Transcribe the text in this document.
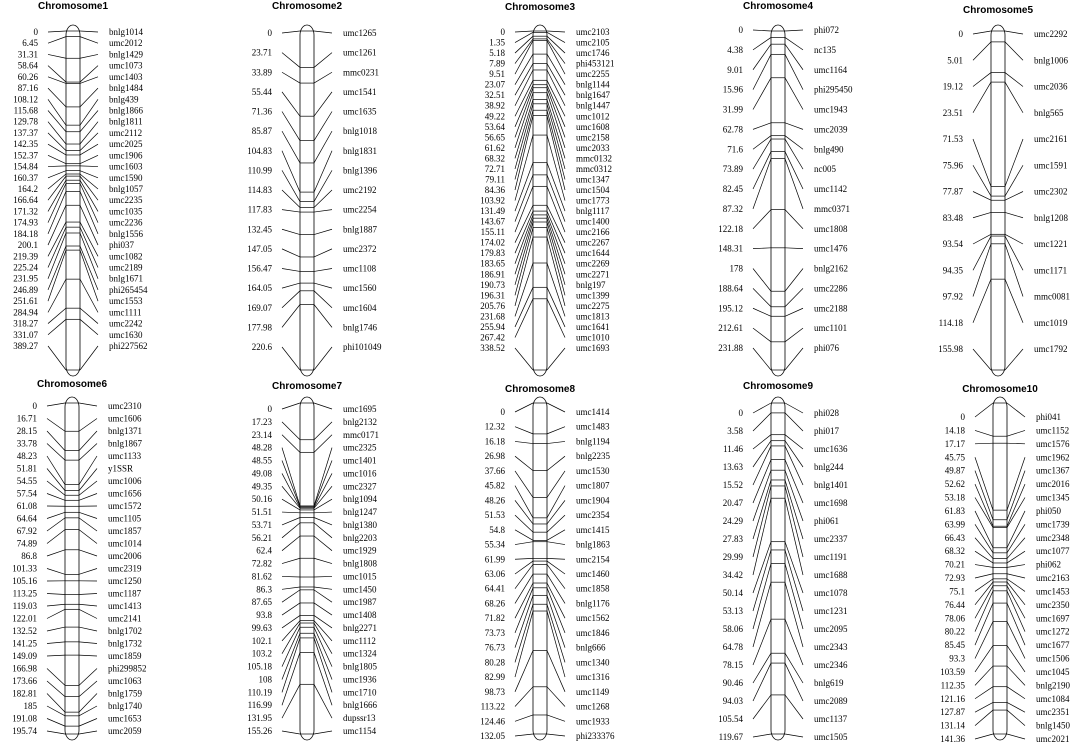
Chromosome1
0	bnlg1014
6.45	umc2012
31.31	bnlg1429
58.64	umc1073
60.26	umc1403
87.16	bnlg1484
108.12	bnlg439
115.68	bnlg1866
129.78	bnlg1811
137.37	umc2112
142.35	umc2025
152.37	umc1906
154.84	umc1603
160.37	umc1590
164.2	bnlg1057
166.64	umc2235
171.32	umc1035
174.93	umc2236
184.18	bnlg1556
200.1	phi037
219.39	umc1082
225.24	umc2189
231.95	bnlg1671
246.89	phi265454
251.61	umc1553
284.94	umc1111
318.27	umc2242
331.07	umc1630
389.27	phi227562
Chromosome2
0	umc1265
23.71	umc1261
33.89	mmc0231
55.44	umc1541
71.36	umc1635
85.87	bnlg1018
104.83	bnlg1831
110.99	bnlg1396
114.83	umc2192
117.83	umc2254
132.45	bnlg1887
147.05	umc2372
156.47	umc1108
164.05	umc1560
169.07	umc1604
177.98	bnlg1746
220.6	phi101049
Chromosome3
0	umc2103
1.35	umc2105
5.18	umc1746
7.89	phi453121
9.51	umc2255
23.07	bnlg1144
32.51	bnlg1647
38.92	bnlg1447
49.22	umc1012
53.64	umc1608
56.65	umc2158
61.62	umc2033
68.32	mmc0132
72.71	mmc0312
79.11	umc1347
84.36	umc1504
103.92	umc1773
131.49	bnlg1117
143.67	umc1400
155.11	umc2166
174.02	umc2267
179.83	umc1644
183.65	umc2269
186.91	umc2271
190.73	bnlg197
196.31	umc1399
205.76	umc2275
231.68	umc1813
255.94	umc1641
267.42	umc1010
338.52	umc1693
Chromosome4
0	phi072
4.38	nc135
9.01	umc1164
15.96	phi295450
31.99	umc1943
62.78	umc2039
71.6	bnlg490
73.89	nc005
82.45	umc1142
87.32	mmc0371
122.18	umc1808
148.31	umc1476
178	bnlg2162
188.64	umc2286
195.12	umc2188
212.61	umc1101
231.88	phi076
Chromosome5
0	umc2292
5.01	bnlg1006
19.12	umc2036
23.51	bnlg565
71.53	umc2161
75.96	umc1591
77.87	umc2302
83.48	bnlg1208
93.54	umc1221
94.35	umc1171
97.92	mmc0081
114.18	umc1019
155.98	umc1792
Chromosome6
0	umc2310
16.71	umc1606
28.15	bnlg1371
33.78	bnlg1867
48.23	umc1133
51.81	y1SSR
54.55	umc1006
57.54	umc1656
61.08	umc1572
64.64	umc1105
67.92	umc1857
74.89	umc1014
86.8	umc2006
101.33	umc2319
105.16	umc1250
113.25	umc1187
119.03	umc1413
122.01	umc2141
132.52	bnlg1702
141.25	bnlg1732
149.09	umc1859
166.98	phi299852
173.66	umc1063
182.81	bnlg1759
185	bnlg1740
191.08	umc1653
195.74	umc2059
Chromosome7
0	umc1695
17.23	bnlg2132
23.14	mmc0171
48.28	umc2325
48.55	umc1401
49.08	umc1016
49.35	umc2327
50.16	bnlg1094
51.51	bnlg1247
53.71	bnlg1380
56.21	bnlg2203
62.4	umc1929
72.82	bnlg1808
81.62	umc1015
86.3	umc1450
87.65	umc1987
93.8	umc1408
99.63	bnlg2271
102.1	umc1112
103.2	umc1324
105.18	bnlg1805
108	umc1936
110.19	umc1710
116.99	bnlg1666
131.95	dupssr13
155.26	umc1154
Chromosome8
0	umc1414
12.32	umc1483
16.18	bnlg1194
26.98	bnlg2235
37.66	umc1530
45.82	umc1807
48.26	umc1904
51.53	umc2354
54.8	umc1415
55.34	bnlg1863
61.99	umc2154
63.06	umc1460
64.41	umc1858
68.26	bnlg1176
71.82	umc1562
73.73	umc1846
76.73	bnlg666
80.28	umc1340
82.99	umc1316
98.73	umc1149
113.22	umc1268
124.46	umc1933
132.05	phi233376
Chromosome9
0	phi028
3.58	phi017
11.46	umc1636
13.63	bnlg244
15.52	bnlg1401
20.47	umc1698
24.29	phi061
27.83	umc2337
29.99	umc1191
34.42	umc1688
50.14	umc1078
53.13	umc1231
58.06	umc2095
64.78	umc2343
78.15	umc2346
90.46	bnlg619
94.03	umc2089
105.54	umc1137
119.67	umc1505
Chromosome10
0	phi041
14.18	umc1152
17.17	umc1576
45.75	umc1962
49.87	umc1367
52.62	umc2016
53.18	umc1345
61.83	phi050
63.99	umc1739
66.43	umc2348
68.32	umc1077
70.21	phi062
72.93	umc2163
75.1	umc1453
76.44	umc2350
78.06	umc1697
80.22	umc1272
85.45	umc1677
93.3	umc1506
103.59	umc1045
112.35	bnlg2190
121.16	umc1084
127.87	umc2351
131.14	bnlg1450
141.36	umc2021
